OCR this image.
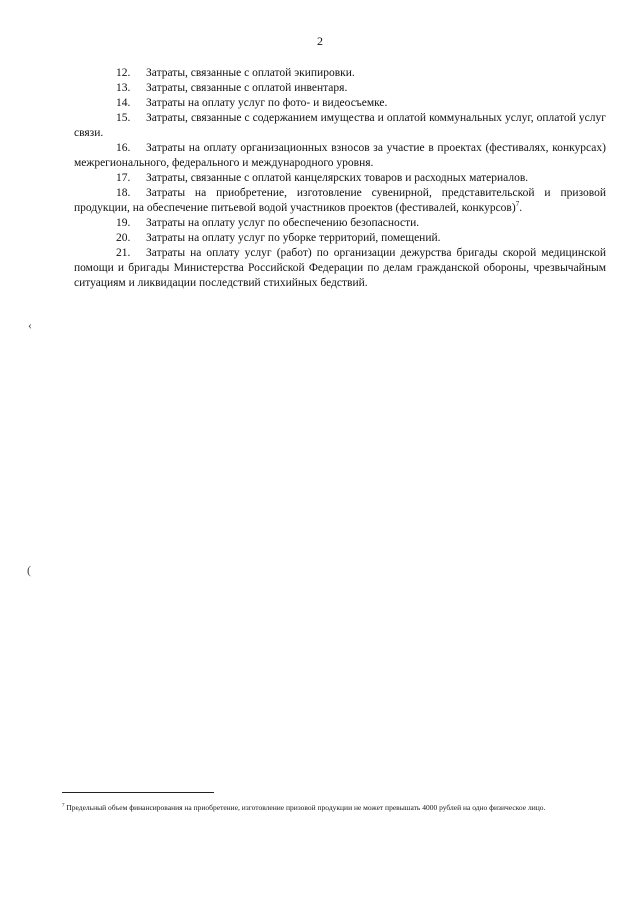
2

12. Затраты, связанные с оплатой экипировки.

13. Затраты, связанные с оплатой инвентаря.

14. Затраты на оплату услуг по фото- и видеосъемке.

15. Затраты, связанные с содержанием имущества и оплатой коммунальных услуг, оплатой услуг связи.

16. Затраты на оплату организационных взносов за участие в проектах (фестивалях, конкурсах) межрегионального, федерального и международного уровня.

17. Затраты, связанные с оплатой канцелярских товаров и расходных материалов.

18. Затраты на приобретение, изготовление сувенирной, представительской и призовой продукции, на обеспечение питьевой водой участников проектов (фестивалей, конкурсов)$^7$.

19. Затраты на оплату услуг по обеспечению безопасности.

20. Затраты на оплату услуг по уборке территорий, помещений.

21. Затраты на оплату услуг (работ) по организации дежурства бригады скорой медицинской помощи и бригады Министерства Российской Федерации по делам гражданской обороны, чрезвычайным ситуациям и ликвидации последствий стихийных бедствий.

‹
(
$^7$ Предельный объем финансирования на приобретение, изготовление призовой продукции не может превышать 4000 рублей на одно физическое лицо.
